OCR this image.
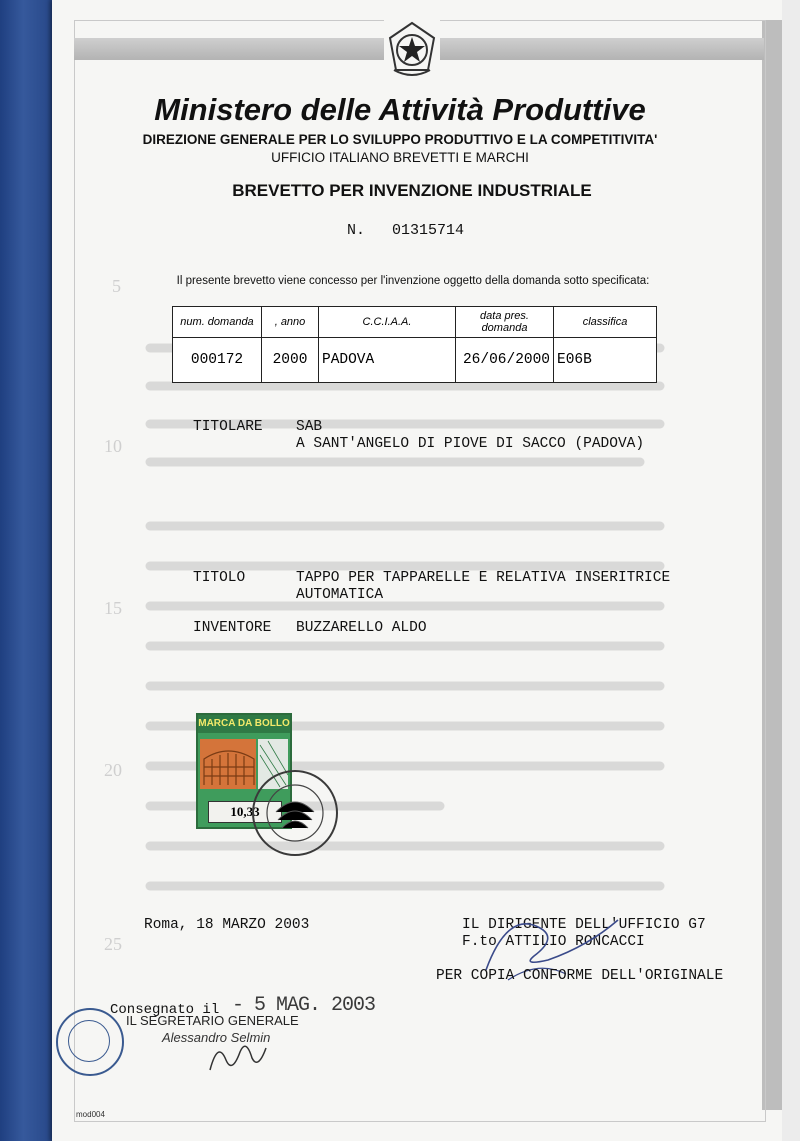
5
10
15
20
25
Ministero delle Attività Produttive
DIREZIONE GENERALE PER LO SVILUPPO PRODUTTIVO E LA COMPETITIVITA'
UFFICIO ITALIANO BREVETTI E MARCHI
BREVETTO PER INVENZIONE INDUSTRIALE
N. 01315714
Il presente brevetto viene concesso per l'invenzione oggetto della domanda sotto specificata:
num. domanda	, anno	C.C.I.A.A.	data pres. domanda	classifica
000172	2000	PADOVA	26/06/2000	E06B
TITOLARE SAB
A SANT'ANGELO DI PIOVE DI SACCO (PADOVA)
TITOLO	TAPPO PER TAPPARELLE E RELATIVA INSERITRICE
AUTOMATICA
INVENTORE BUZZARELLO ALDO
MARCA DA BOLLO
10,33
Roma, 18 MARZO 2003	IL DIRIGENTE DELL'UFFICIO G7
F.to ATTILIO RONCACCI
PER COPIA CONFORME DELL'ORIGINALE
Consegnato il - 5 MAG. 2003
IL SEGRETARIO GENERALE
Alessandro Selmin
mod004
